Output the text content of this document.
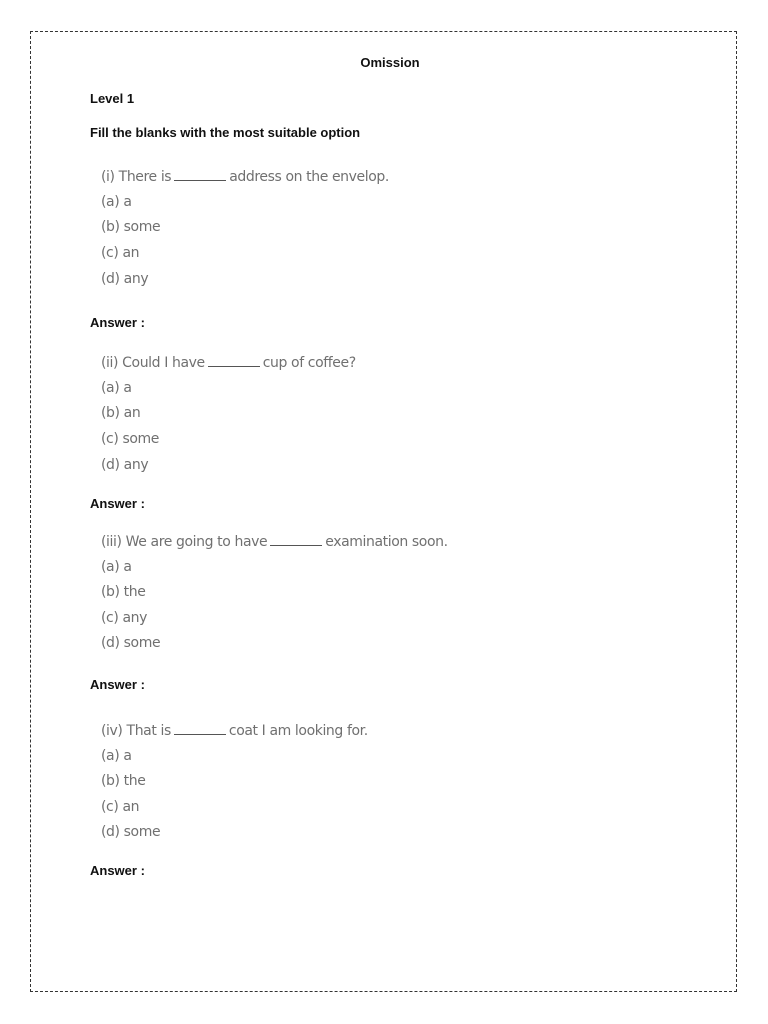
Omission
Level 1
Fill the blanks with the most suitable option
(i) There is	address on the envelop.
(a) a
(b) some
(c) an
(d) any
Answer :
(ii) Could I have	cup of coffee?
(a) a
(b) an
(c) some
(d) any
Answer :
(iii) We are going to have	examination soon.
(a) a
(b) the
(c) any
(d) some
Answer :
(iv) That is	coat I am looking for.
(a) a
(b) the
(c) an
(d) some
Answer :
